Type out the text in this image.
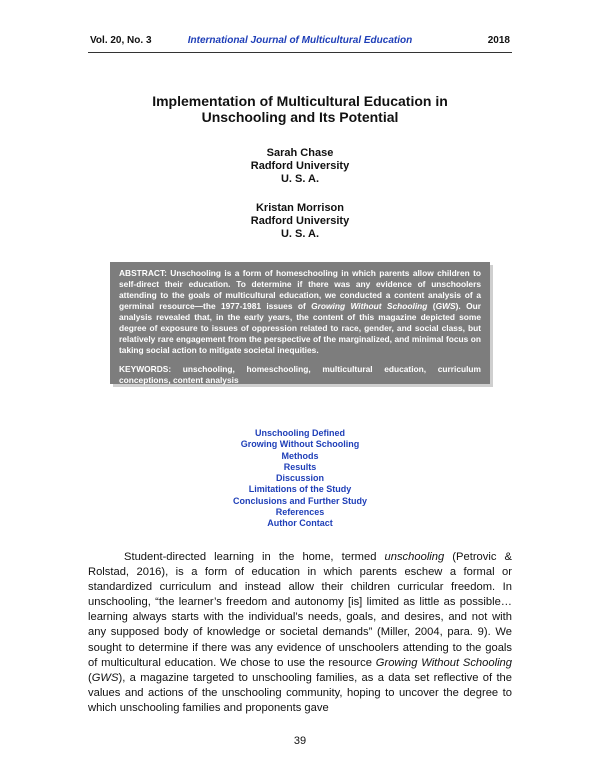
Vol. 20, No. 3	International Journal of Multicultural Education	2018
Implementation of Multicultural Education in
Unschooling and Its Potential
Sarah Chase
Radford University
U. S. A.
Kristan Morrison
Radford University
U. S. A.

ABSTRACT: Unschooling is a form of homeschooling in which parents allow children to self-direct their education. To determine if there was any evidence of unschoolers attending to the goals of multicultural education, we conducted a content analysis of a germinal resource—the 1977-1981 issues of Growing Without Schooling (GWS). Our analysis revealed that, in the early years, the content of this magazine depicted some degree of exposure to issues of oppression related to race, gender, and social class, but relatively rare engagement from the perspective of the marginalized, and minimal focus on taking social action to mitigate societal inequities.

KEYWORDS: unschooling, homeschooling, multicultural education, curriculum conceptions, content analysis

Unschooling Defined
Growing Without Schooling
Methods
Results
Discussion
Limitations of the Study
Conclusions and Further Study
References
Author Contact

Student-directed learning in the home, termed unschooling (Petrovic & Rolstad, 2016), is a form of education in which parents eschew a formal or standardized curriculum and instead allow their children curricular freedom. In unschooling, “the learner’s freedom and autonomy [is] limited as little as possible…learning always starts with the individual’s needs, goals, and desires, and not with any supposed body of knowledge or societal demands” (Miller, 2004, para. 9). We sought to determine if there was any evidence of unschoolers attending to the goals of multicultural education. We chose to use the resource Growing Without Schooling (GWS), a magazine targeted to unschooling families, as a data set reflective of the values and actions of the unschooling community, hoping to uncover the degree to which unschooling families and proponents gave

39
